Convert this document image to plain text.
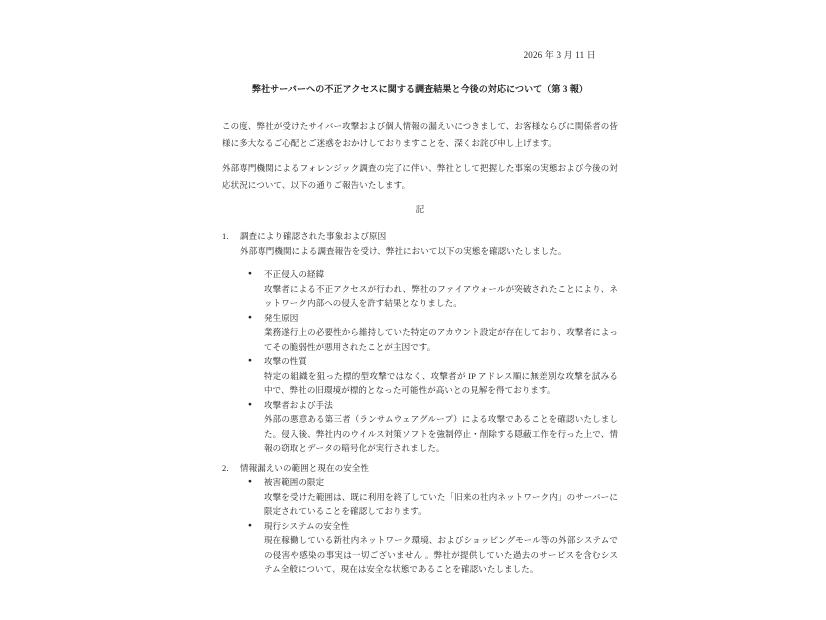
2026 年 3 月 11 日
弊社サーバーへの不正アクセスに関する調査結果と今後の対応について（第 3 報）

この度、弊社が受けたサイバー攻撃および個人情報の漏えいにつきまして、お客様ならびに関係者の皆様に多大なるご心配とご迷惑をおかけしておりますことを、深くお詫び申し上げます。

外部専門機関によるフォレンジック調査の完了に伴い、弊社として把握した事案の実態および今後の対応状況について、以下の通りご報告いたします。

記
1.	調査により確認された事象および原因

外部専門機関による調査報告を受け、弊社において以下の実態を確認いたしました。

●	不正侵入の経緯
攻撃者による不正アクセスが行われ、弊社のファイアウォールが突破されたことにより、ネットワーク内部への侵入を許す結果となりました。
●	発生原因
業務遂行上の必要性から維持していた特定のアカウント設定が存在しており、攻撃者によってその脆弱性が悪用されたことが主因です。
●	攻撃の性質
特定の組織を狙った標的型攻撃ではなく、攻撃者が IP アドレス順に無差別な攻撃を試みる中で、弊社の旧環境が標的となった可能性が高いとの見解を得ております。
●	攻撃者および手法
外部の悪意ある第三者（ランサムウェアグループ）による攻撃であることを確認いたしました。侵入後、弊社内のウイルス対策ソフトを強制停止・削除する隠蔽工作を行った上で、情報の窃取とデータの暗号化が実行されました。
2.	情報漏えいの範囲と現在の安全性
●	被害範囲の限定
攻撃を受けた範囲は、既に利用を終了していた「旧来の社内ネットワーク内」のサーバーに限定されていることを確認しております。
●	現行システムの安全性
現在稼働している新社内ネットワーク環境、およびショッピングモール等の外部システムでの侵害や感染の事実は一切ございません 。弊社が提供していた過去のサービスを含むシステム全般について、現在は安全な状態であることを確認いたしました。
